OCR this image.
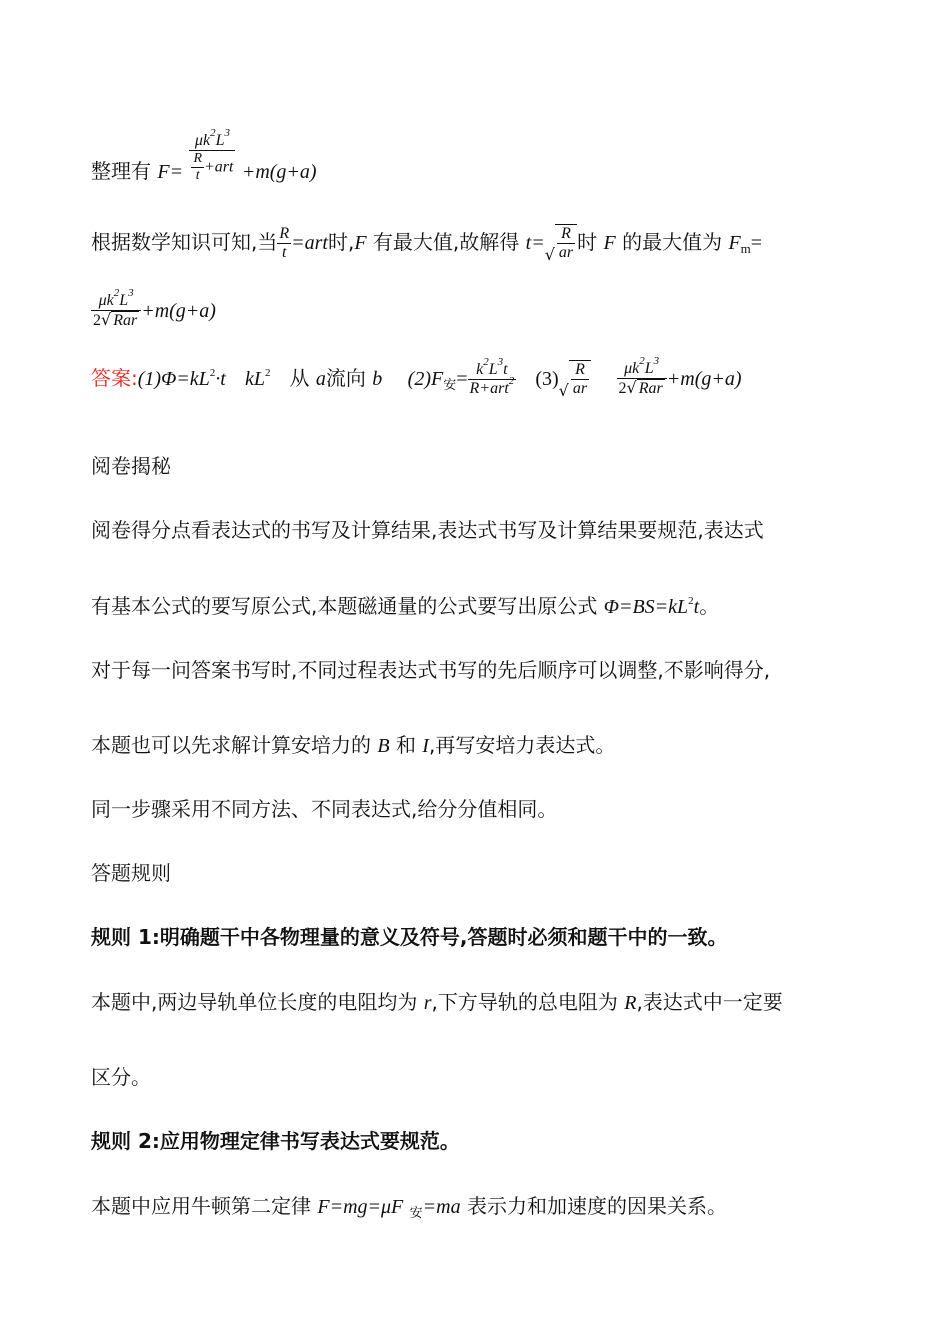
整理有 $F= \frac{\mu k^2L^3}{\frac{R}{t} +art} +m(g+a)$
根据数学知识可知,当 $\frac{R}{t} =art$时,F 有最大值,故解得 t=
√ $\frac{R}{ar}$ 时 F 的最大值为 $F_m=$
$\frac{\mu k^2L^3}{\text{2√ Rar}} +m(g+a)$
答案$:(1)\Phi=kL^2\cdot t$ $kL^2$ 从 a流向 b $(2)F_安= \frac{k^2L^3t}{R+art^2} (3)$
√ $\frac{R}{ar}$
$\frac{\mu k^2L^3}{\text{2√ Rar}} +m(g+a)$
阅卷揭秘
阅卷得分点看表达式的书写及计算结果,表达式书写及计算结果要规范,表达式
有基本公式的要写原公式,本题磁通量的公式要写出原公式 $\Phi=BS=kL^2t$。
对于每一问答案书写时,不同过程表达式书写的先后顺序可以调整,不影响得分,
本题也可以先求解计算安培力的 B 和 I,再写安培力表达式。
同一步骤采用不同方法、不同表达式,给分分值相同。
答题规则
规则 1:明确题干中各物理量的意义及符号,答题时必须和题干中的一致。
本题中,两边导轨单位长度的电阻均为 r,下方导轨的总电阻为 R,表达式中一定要
区分。
规则 2:应用物理定律书写表达式要规范。
本题中应用牛顿第二定律 F=mg=μF $_安$=ma 表示力和加速度的因果关系。
